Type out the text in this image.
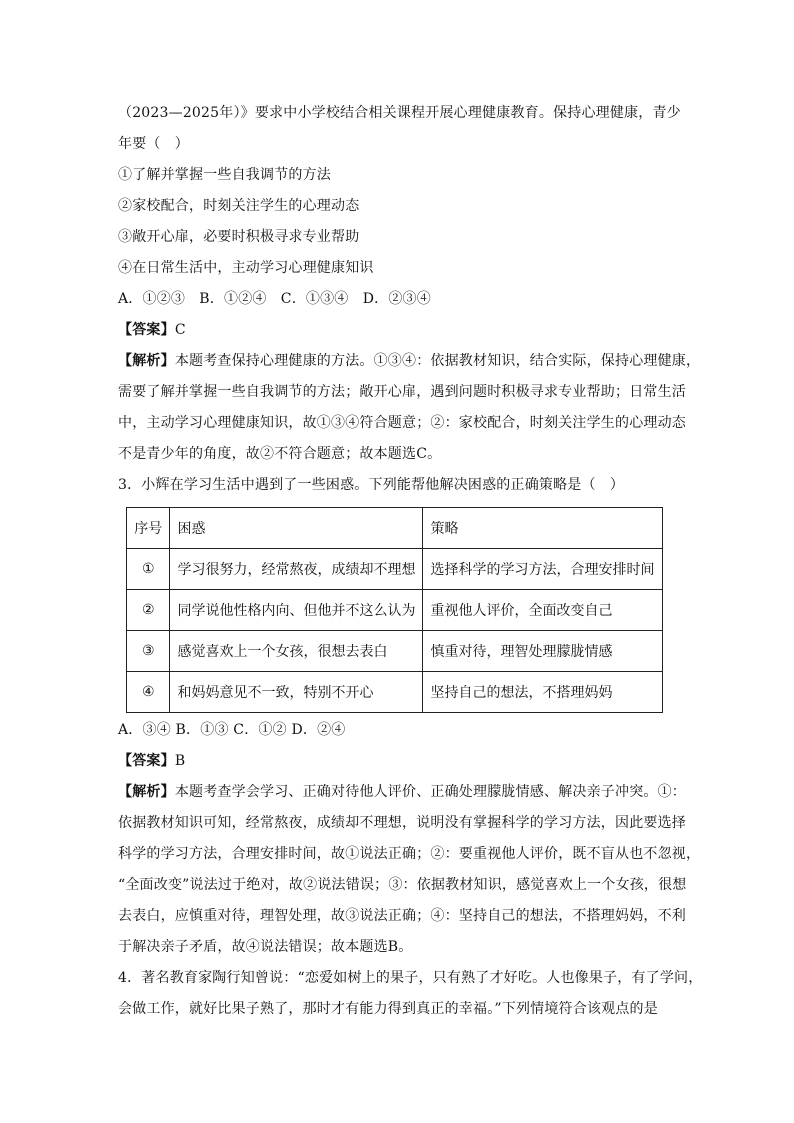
（2023—2025年）》要求中小学校结合相关课程开展心理健康教育。保持心理健康，青少
年要（　）
①了解并掌握一些自我调节的方法
②家校配合，时刻关注学生的心理动态
③敞开心扉，必要时积极寻求专业帮助
④在日常生活中，主动学习心理健康知识
A．①②③　B．①②④　C．①③④　D．②③④
【答案】C
【解析】本题考查保持心理健康的方法。①③④：依据教材知识，结合实际，保持心理健康，
需要了解并掌握一些自我调节的方法；敞开心扉，遇到问题时积极寻求专业帮助；日常生活
中，主动学习心理健康知识，故①③④符合题意；②：家校配合，时刻关注学生的心理动态
不是青少年的角度，故②不符合题意；故本题选C。
3．小辉在学习生活中遇到了一些困惑。下列能帮他解决困惑的正确策略是（　）
序号	困惑	策略
①	学习很努力，经常熬夜，成绩却不理想	选择科学的学习方法，合理安排时间
②	同学说他性格内向、但他并不这么认为	重视他人评价，全面改变自己
③	感觉喜欢上一个女孩，很想去表白	慎重对待，理智处理朦胧情感
④	和妈妈意见不一致，特别不开心	坚持自己的想法，不搭理妈妈
A．③④ B．①③ C．①② D．②④
【答案】B
【解析】本题考查学会学习、正确对待他人评价、正确处理朦胧情感、解决亲子冲突。①：
依据教材知识可知，经常熬夜，成绩却不理想，说明没有掌握科学的学习方法，因此要选择
科学的学习方法，合理安排时间，故①说法正确；②：要重视他人评价，既不盲从也不忽视，
“全面改变”说法过于绝对，故②说法错误；③：依据教材知识，感觉喜欢上一个女孩，很想
去表白，应慎重对待，理智处理，故③说法正确；④：坚持自己的想法，不搭理妈妈，不利
于解决亲子矛盾，故④说法错误；故本题选B。
4．著名教育家陶行知曾说：“恋爱如树上的果子，只有熟了才好吃。人也像果子，有了学问，
会做工作，就好比果子熟了，那时才有能力得到真正的幸福。”下列情境符合该观点的是
